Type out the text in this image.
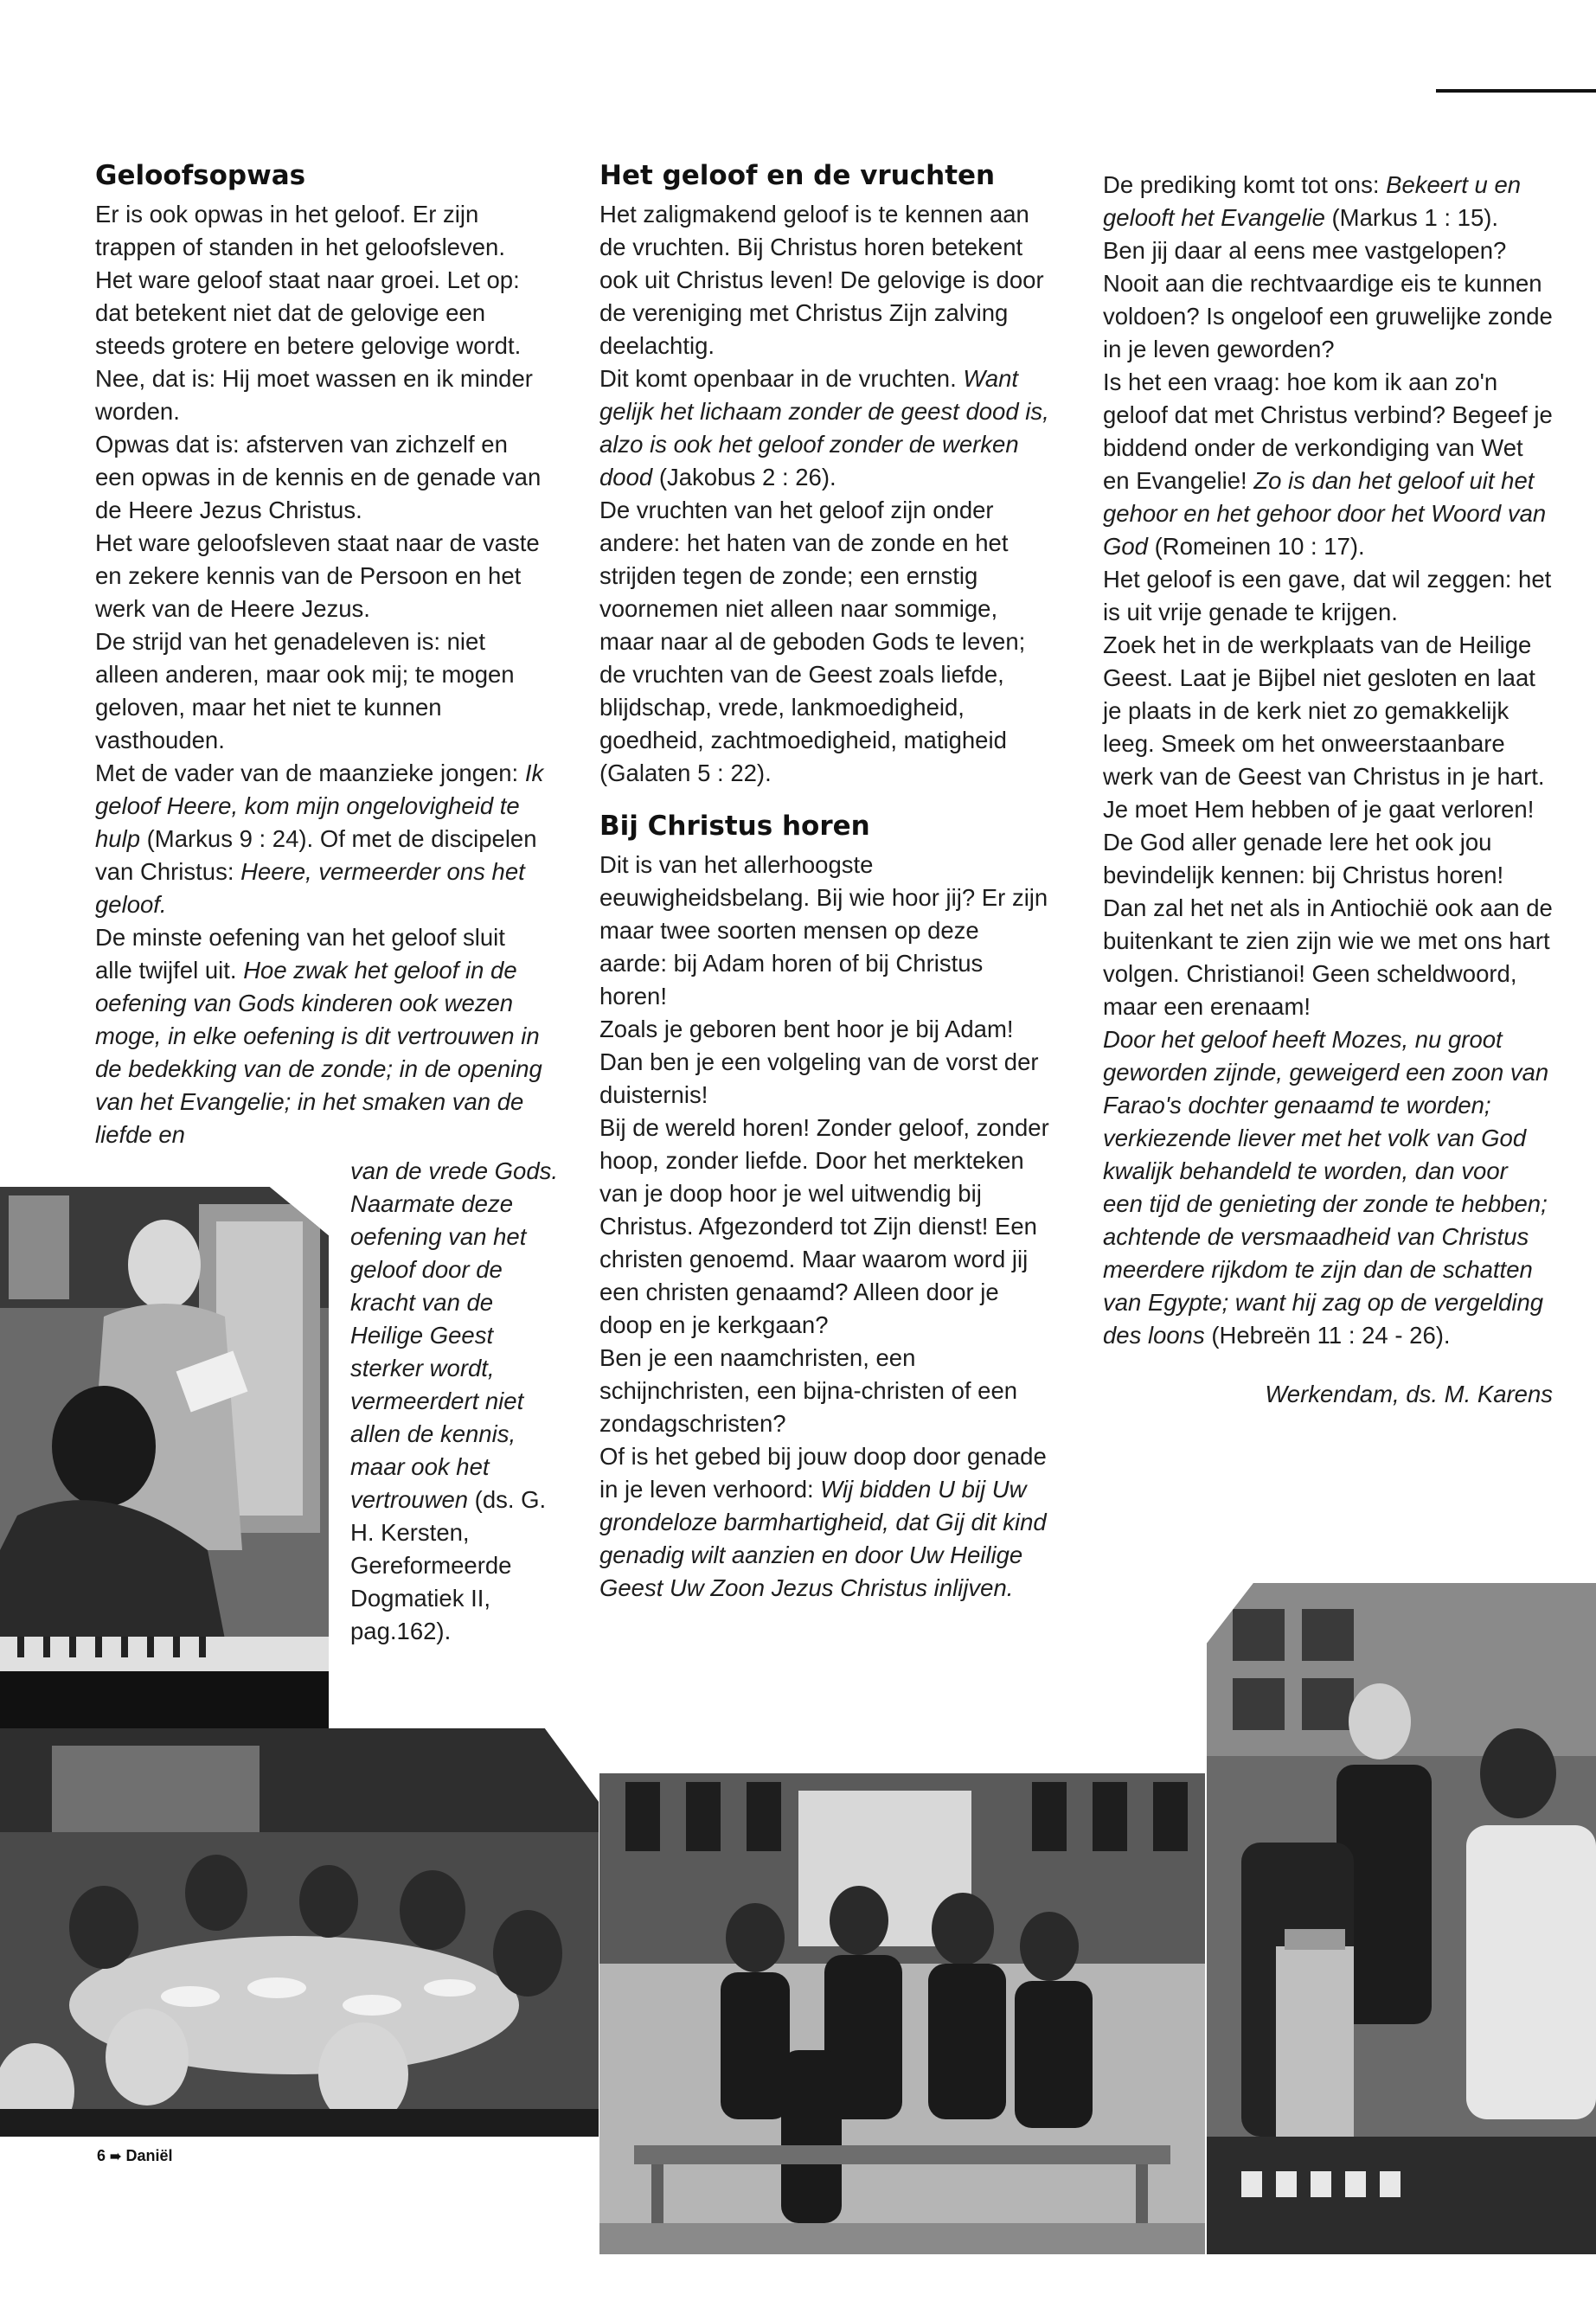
Geloofsopwas

Er is ook opwas in het geloof. Er zijn trappen of standen in het geloofsleven. Het ware geloof staat naar groei. Let op: dat betekent niet dat de gelovige een steeds grotere en betere gelovige wordt. Nee, dat is: Hij moet wassen en ik minder worden.

Opwas dat is: afsterven van zichzelf en een opwas in de kennis en de genade van de Heere Jezus Christus.

Het ware geloofsleven staat naar de vaste en zekere kennis van de Persoon en het werk van de Heere Jezus.

De strijd van het genadeleven is: niet alleen anderen, maar ook mij; te mogen geloven, maar het niet te kunnen vasthouden.

Met de vader van de maanzieke jongen: Ik geloof Heere, kom mijn ongelovigheid te hulp (Markus 9 : 24). Of met de discipelen van Christus: Heere, vermeerder ons het geloof.

De minste oefening van het geloof sluit alle twijfel uit. Hoe zwak het geloof in de oefening van Gods kinderen ook wezen moge, in elke oefening is dit vertrouwen in de bedekking van de zonde; in de opening van het Evangelie; in het smaken van de liefde en

van de vrede Gods. Naarmate deze oefening van het geloof door de kracht van de Heilige Geest sterker wordt, vermeerdert niet allen de kennis, maar ook het vertrouwen (ds. G. H. Kersten, Gereformeerde Dogmatiek II, pag.162).

Het geloof en de vruchten

Het zaligmakend geloof is te kennen aan de vruchten. Bij Christus horen betekent ook uit Christus leven! De gelovige is door de vereniging met Christus Zijn zalving deelachtig.

Dit komt openbaar in de vruchten. Want gelijk het lichaam zonder de geest dood is, alzo is ook het geloof zonder de werken dood (Jakobus 2 : 26).

De vruchten van het geloof zijn onder andere: het haten van de zonde en het strijden tegen de zonde; een ernstig voornemen niet alleen naar sommige, maar naar al de geboden Gods te leven; de vruchten van de Geest zoals liefde, blijdschap, vrede, lankmoedigheid, goedheid, zachtmoedigheid, matigheid (Galaten 5 : 22).

Bij Christus horen

Dit is van het allerhoogste eeuwigheidsbelang. Bij wie hoor jij? Er zijn maar twee soorten mensen op deze aarde: bij Adam horen of bij Christus horen!

Zoals je geboren bent hoor je bij Adam! Dan ben je een volgeling van de vorst der duisternis!

Bij de wereld horen! Zonder geloof, zonder hoop, zonder liefde. Door het merkteken van je doop hoor je wel uitwendig bij Christus. Afgezonderd tot Zijn dienst! Een christen genoemd. Maar waarom word jij een christen genaamd? Alleen door je doop en je kerkgaan?

Ben je een naamchristen, een schijnchristen, een bijna-christen of een zondagschristen?

Of is het gebed bij jouw doop door genade in je leven verhoord: Wij bidden U bij Uw grondeloze barmhartigheid, dat Gij dit kind genadig wilt aanzien en door Uw Heilige Geest Uw Zoon Jezus Christus inlijven.

De prediking komt tot ons: Bekeert u en gelooft het Evangelie (Markus 1 : 15).

Ben jij daar al eens mee vastgelopen? Nooit aan die rechtvaardige eis te kunnen voldoen? Is ongeloof een gruwelijke zonde in je leven geworden?

Is het een vraag: hoe kom ik aan zo'n geloof dat met Christus verbind? Begeef je biddend onder de verkondiging van Wet en Evangelie! Zo is dan het geloof uit het gehoor en het gehoor door het Woord van God (Romeinen 10 : 17).

Het geloof is een gave, dat wil zeggen: het is uit vrije genade te krijgen.

Zoek het in de werkplaats van de Heilige Geest. Laat je Bijbel niet gesloten en laat je plaats in de kerk niet zo gemakkelijk leeg. Smeek om het onweerstaanbare werk van de Geest van Christus in je hart. Je moet Hem hebben of je gaat verloren!

De God aller genade lere het ook jou bevindelijk kennen: bij Christus horen! Dan zal het net als in Antiochië ook aan de buitenkant te zien zijn wie we met ons hart volgen. Christianoi! Geen scheldwoord, maar een erenaam!

Door het geloof heeft Mozes, nu groot geworden zijnde, geweigerd een zoon van Farao's dochter genaamd te worden; verkiezende liever met het volk van God kwalijk behandeld te worden, dan voor een tijd de genieting der zonde te hebben; achtende de versmaadheid van Christus meerdere rijkdom te zijn dan de schatten van Egypte; want hij zag op de vergelding des loons (Hebreën 11 : 24 - 26).

Werkendam, ds. M. Karens

6 ➠ Daniël
